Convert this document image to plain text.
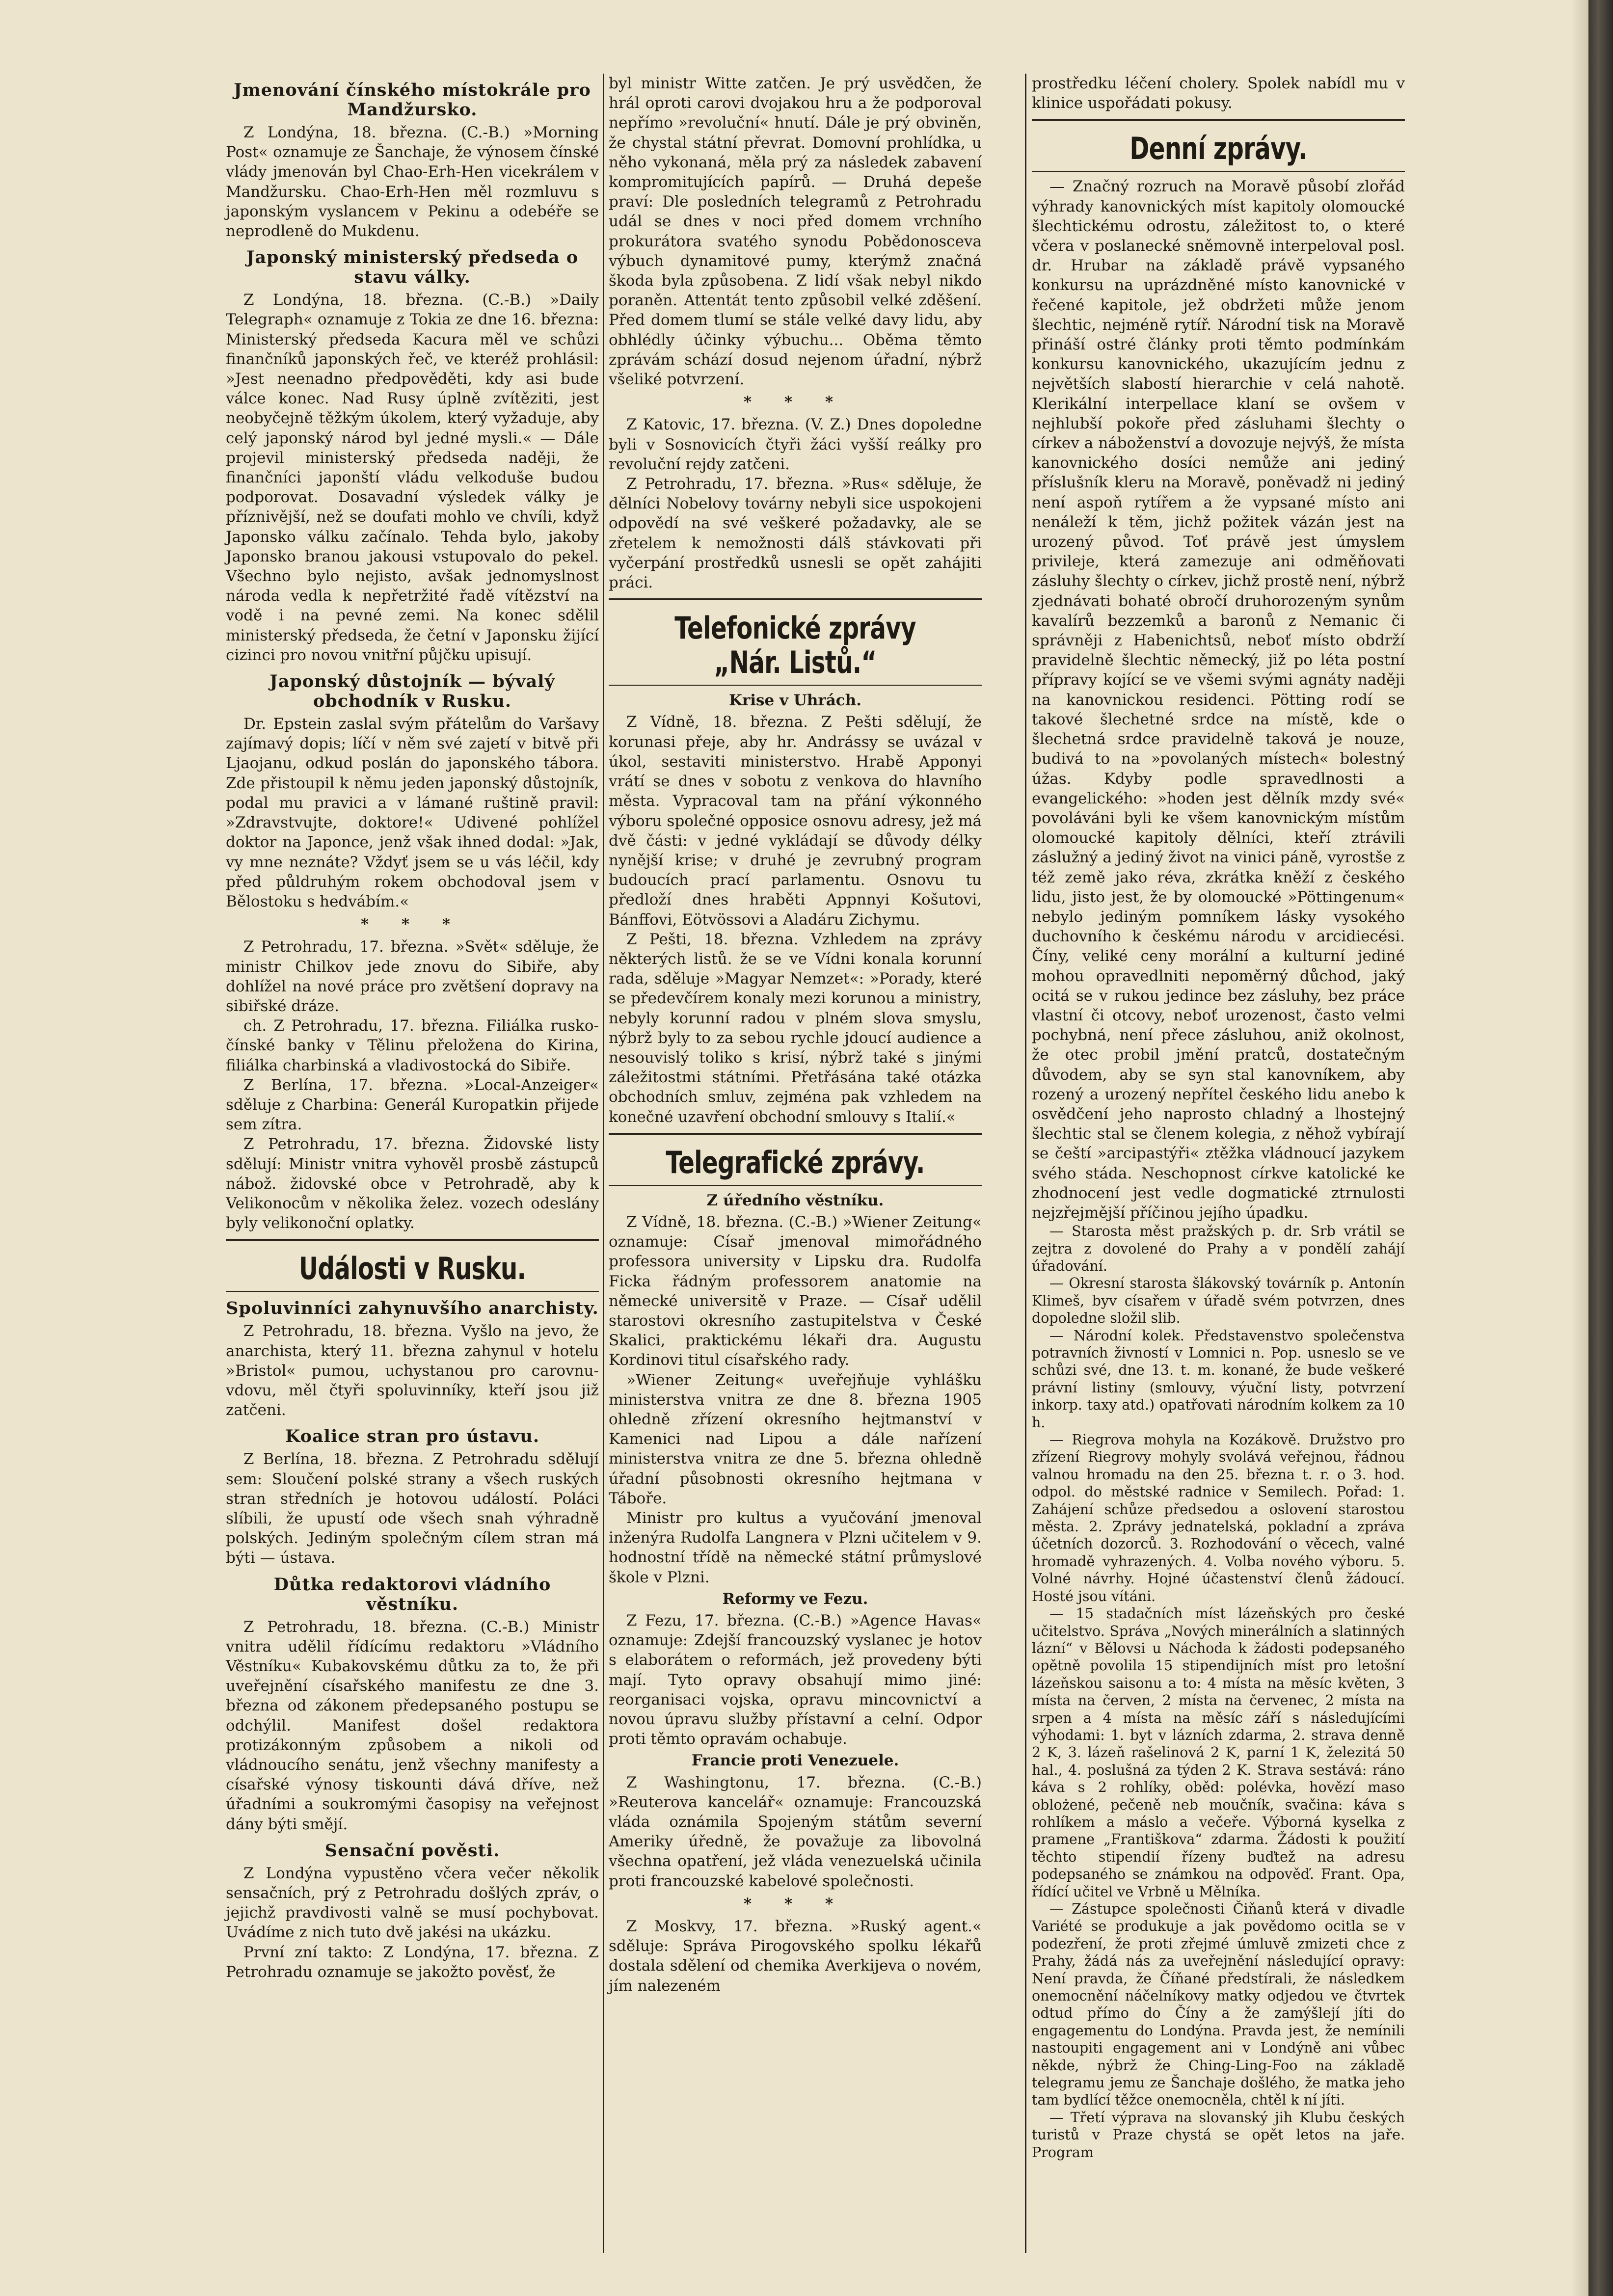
Jmenování čínského místokrále pro Mandžursko.

Z Londýna, 18. března. (C.-B.) »Morning Post« oznamuje ze Šanchaje, že výnosem čínské vlády jmenován byl Chao-Erh-Hen vicekrálem v Mandžursku. Chao-Erh-Hen měl rozmluvu s japonským vyslancem v Pekinu a odebéře se neprodleně do Mukdenu.

Japonský ministerský předseda o stavu války.

Z Londýna, 18. března. (C.-B.) »Daily Telegraph« oznamuje z Tokia ze dne 16. března: Ministerský předseda Kacura měl ve schůzi finančníků japonských řeč, ve kteréž prohlásil: »Jest neenadno předpověděti, kdy asi bude válce konec. Nad Rusy úplně zvítěziti, jest neobyčejně těžkým úkolem, který vyžaduje, aby celý japonský národ byl jedné mysli.« — Dále projevil ministerský předseda naději, že finančníci japonští vládu velkoduše budou podporovat. Dosavadní výsledek války je příznivější, než se doufati mohlo ve chvíli, když Japonsko válku začínalo. Tehda bylo, jakoby Japonsko branou jakousi vstupovalo do pekel. Všechno bylo nejisto, avšak jednomyslnost národa vedla k nepřetržité řadě vítězství na vodě i na pevné zemi. Na konec sdělil ministerský předseda, že četní v Japonsku žijící cizinci pro novou vnitřní půjčku upisují.

Japonský důstojník — bývalý obchodník v Rusku.

Dr. Epstein zaslal svým přátelům do Varšavy zajímavý dopis; líčí v něm své zajetí v bitvě při Ljaojanu, odkud poslán do japonského tábora. Zde přistoupil k němu jeden japonský důstojník, podal mu pravici a v lámané ruštině pravil: »Zdravstvujte, doktore!« Udivené pohlížel doktor na Japonce, jenž však ihned dodal: »Jak, vy mne neznáte? Vždyť jsem se u vás léčil, kdy před půldruhým rokem obchodoval jsem v Bělostoku s hedvábím.«

* * *

Z Petrohradu, 17. března. »Svět« sděluje, že ministr Chilkov jede znovu do Sibiře, aby dohlížel na nové práce pro zvětšení dopravy na sibiřské dráze.

ch. Z Petrohradu, 17. března. Filiálka rusko-čínské banky v Tělinu přeložena do Kirina, filiálka charbinská a vladivostocká do Sibiře.

Z Berlína, 17. března. »Local-Anzeiger« sděluje z Charbina: Generál Kuropatkin přijede sem zítra.

Z Petrohradu, 17. března. Židovské listy sdělují: Ministr vnitra vyhověl prosbě zástupců nábož. židovské obce v Petrohradě, aby k Velikonocům v několika želez. vozech odeslány byly velikonoční oplatky.

Události v Rusku.
Spoluvinníci zahynuvšího anarchisty.

Z Petrohradu, 18. března. Vyšlo na jevo, že anarchista, který 11. března zahynul v hotelu »Bristol« pumou, uchystanou pro carovnu-vdovu, měl čtyři spoluvinníky, kteří jsou již zatčeni.

Koalice stran pro ústavu.

Z Berlína, 18. března. Z Petrohradu sdělují sem: Sloučení polské strany a všech ruských stran středních je hotovou událostí. Poláci slíbili, že upustí ode všech snah výhradně polských. Jediným společným cílem stran má býti — ústava.

Důtka redaktorovi vládního věstníku.

Z Petrohradu, 18. března. (C.-B.) Ministr vnitra udělil řídícímu redaktoru »Vládního Věstníku« Kubakovskému důtku za to, že při uveřejnění císařského manifestu ze dne 3. března od zákonem předepsaného postupu se odchýlil. Manifest došel redaktora protizákonným způsobem a nikoli od vládnoucího senátu, jenž všechny manifesty a císařské výnosy tiskounti dává dříve, než úřadními a soukromými časopisy na veřejnost dány býti smějí.

Sensační pověsti.

Z Londýna vypustěno včera večer několik sensačních, prý z Petrohradu došlých zpráv, o jejichž pravdivosti valně se musí pochybovat. Uvádíme z nich tuto dvě jakési na ukázku.

První zní takto: Z Londýna, 17. března. Z Petrohradu oznamuje se jakožto pověsť, že

byl ministr Witte zatčen. Je prý usvědčen, že hrál oproti carovi dvojakou hru a že podporoval nepřímo »revoluční« hnutí. Dále je prý obviněn, že chystal státní převrat. Domovní prohlídka, u něho vykonaná, měla prý za následek zabavení kompromitujících papírů. — Druhá depeše praví: Dle posledních telegramů z Petrohradu udál se dnes v noci před domem vrchního prokurátora svatého synodu Pobědonosceva výbuch dynamitové pumy, kterýmž značná škoda byla způsobena. Z lidí však nebyl nikdo poraněn. Attentát tento způsobil velké zděšení. Před domem tlumí se stále velké davy lidu, aby obhlédly účinky výbuchu... Oběma těmto zprávám schází dosud nejenom úřadní, nýbrž všeliké potvrzení.

* * *

Z Katovic, 17. března. (V. Z.) Dnes dopoledne byli v Sosnovicích čtyři žáci vyšší reálky pro revoluční rejdy zatčeni.

Z Petrohradu, 17. března. »Rus« sděluje, že dělníci Nobelovy továrny nebyli sice uspokojeni odpovědí na své veškeré požadavky, ale se zřetelem k nemožnosti dálš stávkovati při vyčerpání prostředků usnesli se opět zahájiti práci.

Telefonické zprávy „Nár. Listů.“

Krise v Uhrách.

Z Vídně, 18. března. Z Pešti sdělují, že korunasi přeje, aby hr. Andrássy se uvázal v úkol, sestaviti ministerstvo. Hrabě Apponyi vrátí se dnes v sobotu z venkova do hlavního města. Vypracoval tam na přání výkonného výboru společné opposice osnovu adresy, jež má dvě části: v jedné vykládají se důvody délky nynější krise; v druhé je zevrubný program budoucích prací parlamentu. Osnovu tu předloží dnes hraběti Appnnyi Košutovi, Bánffovi, Eötvössovi a Aladáru Zichymu.

Z Pešti, 18. března. Vzhledem na zprávy některých listů. že se ve Vídni konala korunní rada, sděluje »Magyar Nemzet«: »Porady, které se předevčírem konaly mezi korunou a ministry, nebyly korunní radou v plném slova smyslu, nýbrž byly to za sebou rychle jdoucí audience a nesouvislý toliko s krisí, nýbrž také s jinými záležitostmi státními. Přetřásána také otázka obchodních smluv, zejména pak vzhledem na konečné uzavření obchodní smlouvy s Italií.«

Telegrafické zprávy.

Z úředního věstníku.

Z Vídně, 18. března. (C.-B.) »Wiener Zeitung« oznamuje: Císař jmenoval mimořádného professora university v Lipsku dra. Rudolfa Ficka řádným professorem anatomie na německé universitě v Praze. — Císař udělil starostovi okresního zastupitelstva v České Skalici, praktickému lékaři dra. Augustu Kordinovi titul císařského rady.

»Wiener Zeitung« uveřejňuje vyhlášku ministerstva vnitra ze dne 8. března 1905 ohledně zřízení okresního hejtmanství v Kamenici nad Lipou a dále nařízení ministerstva vnitra ze dne 5. března ohledně úřadní působnosti okresního hejtmana v Táboře.

Ministr pro kultus a vyučování jmenoval inženýra Rudolfa Langnera v Plzni učitelem v 9. hodnostní třídě na německé státní průmyslové škole v Plzni.

Reformy ve Fezu.

Z Fezu, 17. března. (C.-B.) »Agence Havas« oznamuje: Zdejší francouzský vyslanec je hotov s elaborátem o reformách, jež provedeny býti mají. Tyto opravy obsahují mimo jiné: reorganisaci vojska, opravu mincovnictví a novou úpravu služby přístavní a celní. Odpor proti těmto opravám ochabuje.

Francie proti Venezuele.

Z Washingtonu, 17. března. (C.-B.) »Reuterova kancelář« oznamuje: Francouzská vláda oznámila Spojeným státům severní Ameriky úředně, že považuje za libovolná všechna opatření, jež vláda venezuelská učinila proti francouzské kabelové společnosti.

* * *

Z Moskvy, 17. března. »Ruský agent.« sděluje: Správa Pirogovského spolku lékařů dostala sdělení od chemika Averkijeva o novém, jím nalezeném

prostředku léčení cholery. Spolek nabídl mu v klinice uspořádati pokusy.

Denní zprávy.

— Značný rozruch na Moravě působí zlořád výhrady kanovnických míst kapitoly olomoucké šlechtickému odrostu, záležitost to, o které včera v poslanecké sněmovně interpeloval posl. dr. Hrubar na základě právě vypsaného konkursu na uprázdněné místo kanovnické v řečené kapitole, jež obdržeti může jenom šlechtic, nejméně rytíř. Národní tisk na Moravě přináší ostré články proti těmto podmínkám konkursu kanovnického, ukazujícím jednu z největších slabostí hierarchie v celá nahotě. Klerikální interpellace klaní se ovšem v nejhlubší pokoře před zásluhami šlechty o církev a náboženství a dovozuje nejvýš, že místa kanovnického dosíci nemůže ani jediný příslušník kleru na Moravě, poněvadž ni jediný není aspoň rytířem a že vypsané místo ani nenáleží k těm, jichž požitek vázán jest na urozený původ. Toť právě jest úmyslem privileje, která zamezuje ani odměňovati zásluhy šlechty o církev, jichž prostě není, nýbrž zjednávati bohaté obročí druhorozeným synům kavalírů bezzemků a baronů z Nemanic či správněji z Habenichtsů, neboť místo obdrží pravidelně šlechtic německý, již po léta postní přípravy kojící se ve všemi svými agnáty naději na kanovnickou residenci. Pötting rodí se takové šlechetné srdce na místě, kde o šlechetná srdce pravidelně taková je nouze, budivá to na »povolaných místech« bolestný úžas. Kdyby podle spravedlnosti a evangelického: »hoden jest dělník mzdy své« povoláváni byli ke všem kanovnickým místům olomoucké kapitoly dělníci, kteří ztrávili záslužný a jediný život na vinici páně, vyrostše z též země jako réva, zkrátka kněží z českého lidu, jisto jest, že by olomoucké »Pöttingenum« nebylo jediným pomníkem lásky vysokého duchovního k českému národu v arcidiecési. Číny, veliké ceny morální a kulturní jediné mohou opravedlniti nepoměrný důchod, jaký ocitá se v rukou jedince bez zásluhy, bez práce vlastní či otcovy, neboť urozenost, často velmi pochybná, není přece zásluhou, aniž okolnost, že otec probil jmění pratců, dostatečným důvodem, aby se syn stal kanovníkem, aby rozený a urozený nepřítel českého lidu anebo k osvědčení jeho naprosto chladný a lhostejný šlechtic stal se členem kolegia, z něhož vybírají se čeští »arcipastýři« ztěžka vládnoucí jazykem svého stáda. Neschopnost církve katolické ke zhodnocení jest vedle dogmatické ztrnulosti nejzřejmější příčinou jejího úpadku.

— Starosta měst pražských p. dr. Srb vrátil se zejtra z dovolené do Prahy a v pondělí zahájí úřadování.

— Okresní starosta šlákovský továrník p. Antonín Klimeš, byv císařem v úřadě svém potvrzen, dnes dopoledne složil slib.

— Národní kolek. Představenstvo společenstva potravních živností v Lomnici n. Pop. usneslo se ve schůzi své, dne 13. t. m. konané, že bude veškeré právní listiny (smlouvy, výuční listy, potvrzení inkorp. taxy atd.) opatřovati národním kolkem za 10 h.

— Riegrova mohyla na Kozákově. Družstvo pro zřízení Riegrovy mohyly svolává veřejnou, řádnou valnou hromadu na den 25. března t. r. o 3. hod. odpol. do městské radnice v Semilech. Pořad: 1. Zahájení schůze předsedou a oslovení starostou města. 2. Zprávy jednatelská, pokladní a zpráva účetních dozorců. 3. Rozhodování o věcech, valné hromadě vyhrazených. 4. Volba nového výboru. 5. Volné návrhy. Hojné účastenství členů žádoucí. Hosté jsou vítáni.

— 15 stadačních míst lázeňských pro české učitelstvo. Správa „Nových minerálních a slatinných lázní“ v Bělovsi u Náchoda k žádosti podepsaného opětně povolila 15 stipendijních míst pro letošní lázeňskou saisonu a to: 4 místa na měsíc květen, 3 místa na červen, 2 místa na červenec, 2 místa na srpen a 4 místa na měsíc září s následujícími výhodami: 1. byt v lázních zdarma, 2. strava denně 2 K, 3. lázeň rašelinová 2 K, parní 1 K, železitá 50 hal., 4. poslušná za týden 2 K. Strava sestává: ráno káva s 2 rohlíky, oběd: polévka, hovězí maso oblożené, pečeně neb moučník, svačina: káva s rohlíkem a máslo a večeře. Výborná kyselka z pramene „Františkova“ zdarma. Žádosti k použití těchto stipendií řízeny buďtež na adresu podepsaného se známkou na odpověď. Frant. Opa, řídící učitel ve Vrbně u Mělníka.

— Zástupce společnosti Čiňanů která v divadle Variété se produkuje a jak povědomo ocitla se v podezření, že proti zřejmé úmluvě zmizeti chce z Prahy, žádá nás za uveřejnění následující opravy: Není pravda, že Číňané předstírali, že následkem onemocnění náčelníkovy matky odjedou ve čtvrtek odtud přímo do Číny a že zamýšlejí jíti do engagementu do Londýna. Pravda jest, že nemínili nastoupiti engagement ani v Londýně ani vůbec někde, nýbrž že Ching-Ling-Foo na základě telegramu jemu ze Šanchaje došlého, že matka jeho tam bydlící těžce onemocněla, chtěl k ní jíti.

— Třetí výprava na slovanský jih Klubu českých turistů v Praze chystá se opět letos na jaře. Program
